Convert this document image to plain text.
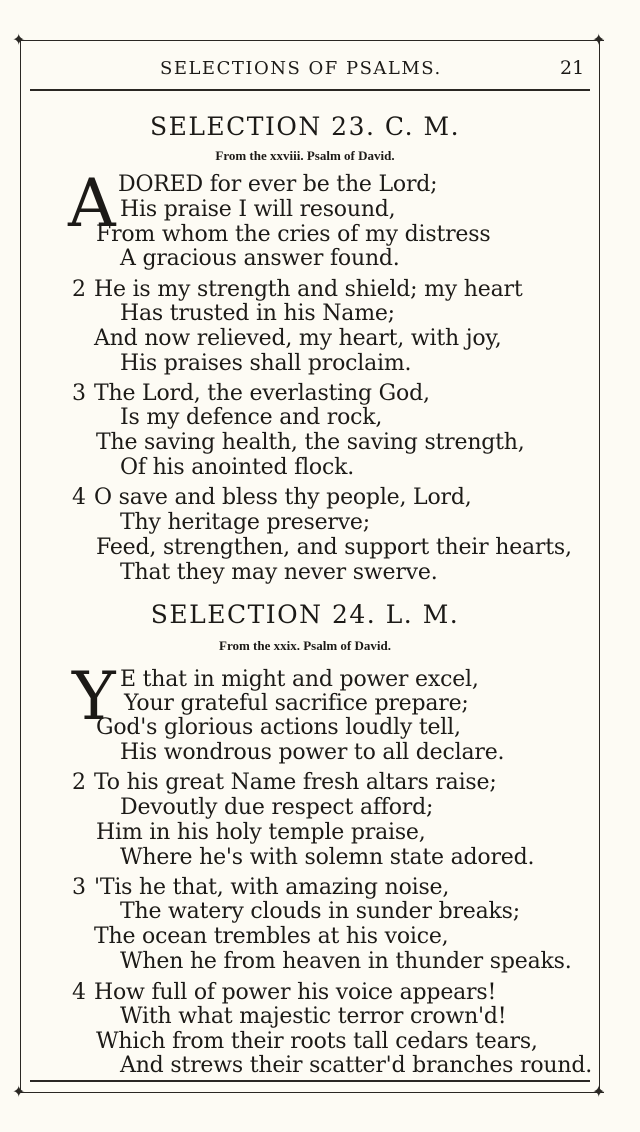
✦	✦
✦	✦
SELECTIONS OF PSALMS.	21
SELECTION 23. C. M.
From the xxviii. Psalm of David.
A DORED for ever be the Lord;
His praise I will resound,
From whom the cries of my distress
A gracious answer found.
2 He is my strength and shield; my heart
Has trusted in his Name;
And now relieved, my heart, with joy,
His praises shall proclaim.
3 The Lord, the everlasting God,
Is my defence and rock,
The saving health, the saving strength,
Of his anointed flock.
4 O save and bless thy people, Lord,
Thy heritage preserve;
Feed, strengthen, and support their hearts,
That they may never swerve.
SELECTION 24. L. M.
From the xxix. Psalm of David.
Y E that in might and power excel,
Your grateful sacrifice prepare;
God's glorious actions loudly tell,
His wondrous power to all declare.
2 To his great Name fresh altars raise;
Devoutly due respect afford;
Him in his holy temple praise,
Where he's with solemn state adored.
3 'Tis he that, with amazing noise,
The watery clouds in sunder breaks;
The ocean trembles at his voice,
When he from heaven in thunder speaks.
4 How full of power his voice appears!
With what majestic terror crown'd!
Which from their roots tall cedars tears,
And strews their scatter'd branches round.
